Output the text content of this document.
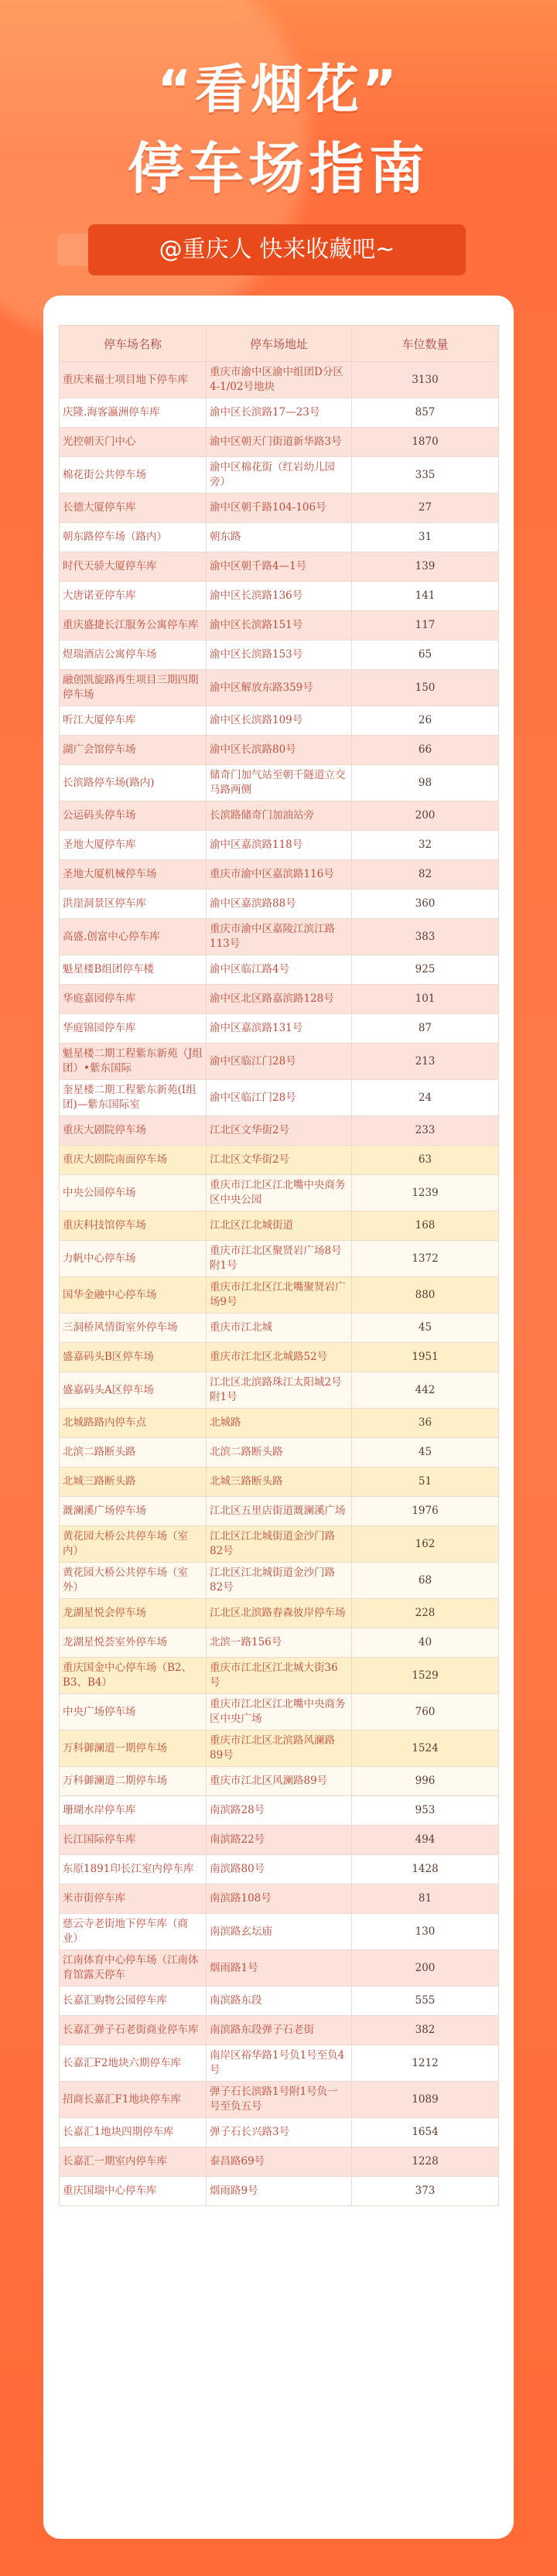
“看烟花”
停车场指南
@重庆人 快来收藏吧~
停车场名称	停车场地址	车位数量
重庆来福士项目地下停车库	重庆市渝中区渝中组团D分区4-1/02号地块	3130
庆隆.海客瀛洲停车库	渝中区长滨路17—23号	857
光控朝天门中心	渝中区朝天门街道新华路3号	1870
棉花街公共停车场	渝中区棉花街（红岩幼儿园旁）	335
长德大厦停车库	渝中区朝千路104-106号	27
朝东路停车场（路内）	朝东路	31
时代天骄大厦停车库	渝中区朝千路4—1号	139
大唐诺亚停车库	渝中区长滨路136号	141
重庆盛捷长江服务公寓停车库	渝中区长滨路151号	117
煜瑞酒店公寓停车场	渝中区长滨路153号	65
融创凯旋路再生项目三期四期停车场	渝中区解放东路359号	150
听江大厦停车库	渝中区长滨路109号	26
湖广会馆停车场	渝中区长滨路80号	66
长滨路停车场(路内)	储奇门加气站至朝千隧道立交马路两侧	98
公运码头停车场	长滨路储奇门加油站旁	200
圣地大厦停车库	渝中区嘉滨路118号	32
圣地大厦机械停车场	重庆市渝中区嘉滨路116号	82
洪崖洞景区停车库	渝中区嘉滨路88号	360
高盛.创富中心停车库	重庆市渝中区嘉陵江滨江路113号	383
魁星楼B组团停车楼	渝中区临江路4号	925
华庭嘉园停车库	渝中区北区路嘉滨路128号	101
华庭锦园停车库	渝中区嘉滨路131号	87
魁星楼二期工程紫东新苑（J组团）•紫东国际	渝中区临江门28号	213
奎星楼二期工程紫东新苑(I组团)—紫东国际室	渝中区临江门28号	24
重庆大剧院停车场	江北区文华街2号	233
重庆大剧院南面停车场	江北区文华街2号	63
中央公园停车场	重庆市江北区江北嘴中央商务区中央公园	1239
重庆科技馆停车场	江北区江北城街道	168
力帆中心停车场	重庆市江北区聚贤岩广场8号附1号	1372
国华金融中心停车场	重庆市江北区江北嘴聚贤岩广场9号	880
三洞桥风情街室外停车场	重庆市江北城	45
盛嘉码头B区停车场	重庆市江北区北城路52号	1951
盛嘉码头A区停车场	江北区北滨路珠江太阳城2号附1号	442
北城路路内停车点	北城路	36
北滨二路断头路	北滨二路断头路	45
北城三路断头路	北城三路断头路	51
溉澜溪广场停车场	江北区五里店街道溉澜溪广场	1976
黄花园大桥公共停车场（室内）	江北区江北城街道金沙门路82号	162
黄花园大桥公共停车场（室外）	江北区江北城街道金沙门路82号	68
龙湖星悦会停车场	江北区北滨路春森彼岸停车场	228
龙湖星悦荟室外停车场	北滨一路156号	40
重庆国金中心停车场（B2、B3、B4）	重庆市江北区江北城大街36号	1529
中央广场停车场	重庆市江北区江北嘴中央商务区中央广场	760
万科御澜道一期停车场	重庆市江北区北滨路风澜路89号	1524
万科御澜道二期停车场	重庆市江北区风澜路89号	996
珊瑚水岸停车库	南滨路28号	953
长江国际停车库	南滨路22号	494
东原1891印长江室内停车库	南滨路80号	1428
米市街停车库	南滨路108号	81
慈云寺老街地下停车库（商业）	南滨路玄坛庙	130
江南体育中心停车场（江南体育馆露天停车	烟雨路1号	200
长嘉汇购物公园停车库	南滨路东段	555
长嘉汇弹子石老街商业停车库	南滨路东段弹子石老街	382
长嘉汇F2地块六期停车库	南岸区裕华路1号负1号至负4号	1212
招商长嘉汇F1地块停车库	弹子石长滨路1号附1号负一号至负五号	1089
长嘉汇1地块四期停车库	弹子石长兴路3号	1654
长嘉汇一期室内停车库	泰昌路69号	1228
重庆国瑞中心停车库	烟雨路9号	373
